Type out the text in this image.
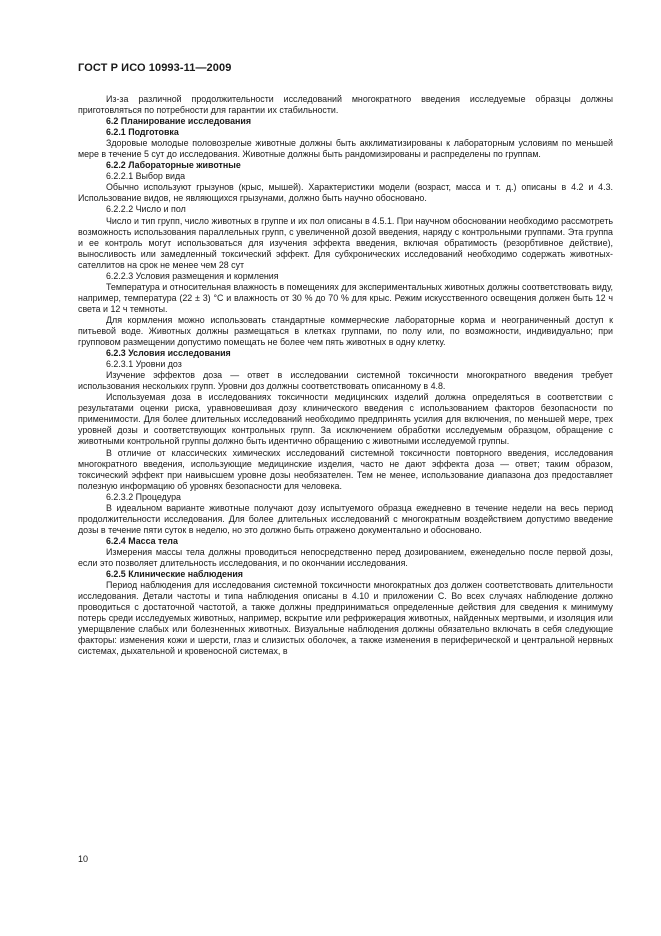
ГОСТ Р ИСО 10993-11—2009

Из-за различной продолжительности исследований многократного введения исследуемые образцы должны приготовляться по потребности для гарантии их стабильности.

6.2 Планирование исследования

6.2.1 Подготовка

Здоровые молодые половозрелые животные должны быть акклиматизированы к лабораторным условиям по меньшей мере в течение 5 сут до исследования. Животные должны быть рандомизированы и распределены по группам.

6.2.2 Лабораторные животные

6.2.2.1 Выбор вида

Обычно используют грызунов (крыс, мышей). Характеристики модели (возраст, масса и т. д.) описаны в 4.2 и 4.3. Использование видов, не являющихся грызунами, должно быть научно обосновано.

6.2.2.2 Число и пол

Число и тип групп, число животных в группе и их пол описаны в 4.5.1. При научном обосновании необходимо рассмотреть возможность использования параллельных групп, с увеличенной дозой введения, наряду с контрольными группами. Эта группа и ее контроль могут использоваться для изучения эффекта введения, включая обратимость (резорбтивное действие), выносливость или замедленный токсический эффект. Для субхронических исследований необходимо содержать животных-сателлитов на срок не менее чем 28 сут

6.2.2.3 Условия размещения и кормления

Температура и относительная влажность в помещениях для экспериментальных животных должны соответствовать виду, например, температура (22 ± 3) °С и влажность от 30 % до 70 % для крыс. Режим искусственного освещения должен быть 12 ч света и 12 ч темноты.

Для кормления можно использовать стандартные коммерческие лабораторные корма и неограниченный доступ к питьевой воде. Животных должны размещаться в клетках группами, по полу или, по возможности, индивидуально; при групповом размещении допустимо помещать не более чем пять животных в одну клетку.

6.2.3 Условия исследования

6.2.3.1 Уровни доз

Изучение эффектов доза — ответ в исследовании системной токсичности многократного введения требует использования нескольких групп. Уровни доз должны соответствовать описанному в 4.8.

Используемая доза в исследованиях токсичности медицинских изделий должна определяться в соответствии с результатами оценки риска, уравновешивая дозу клинического введения с использованием факторов безопасности по применимости. Для более длительных исследований необходимо предпринять усилия для включения, по меньшей мере, трех уровней дозы и соответствующих контрольных групп. За исключением обработки исследуемым образцом, обращение с животными контрольной группы должно быть идентично обращению с животными исследуемой группы.

В отличие от классических химических исследований системной токсичности повторного введения, исследования многократного введения, использующие медицинские изделия, часто не дают эффекта доза — ответ; таким образом, токсический эффект при наивысшем уровне дозы необязателен. Тем не менее, использование диапазона доз предоставляет полезную информацию об уровнях безопасности для человека.

6.2.3.2 Процедура

В идеальном варианте животные получают дозу испытуемого образца ежедневно в течение недели на весь период продолжительности исследования. Для более длительных исследований с многократным воздействием допустимо введение дозы в течение пяти суток в неделю, но это должно быть отражено документально и обосновано.

6.2.4 Масса тела

Измерения массы тела должны проводиться непосредственно перед дозированием, еженедельно после первой дозы, если это позволяет длительность исследования, и по окончании исследования.

6.2.5 Клинические наблюдения

Период наблюдения для исследования системной токсичности многократных доз должен соответствовать длительности исследования. Детали частоты и типа наблюдения описаны в 4.10 и приложении С. Во всех случаях наблюдение должно проводиться с достаточной частотой, а также должны предприниматься определенные действия для сведения к минимуму потерь среди исследуемых животных, например, вскрытие или рефрижерация животных, найденных мертвыми, и изоляция или умерщвление слабых или болезненных животных. Визуальные наблюдения должны обязательно включать в себя следующие факторы: изменения кожи и шерсти, глаз и слизистых оболочек, а также изменения в периферической и центральной нервных системах, дыхательной и кровеносной системах, в

10
